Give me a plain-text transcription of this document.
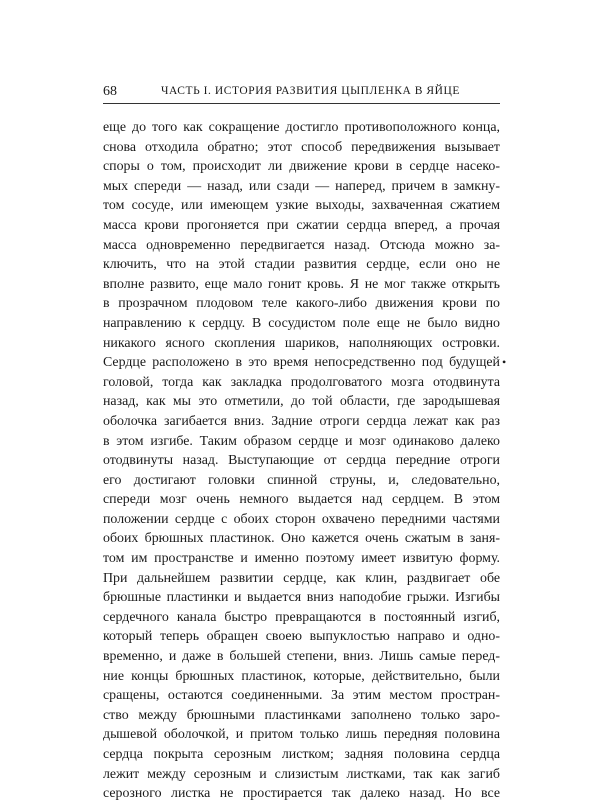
68	ЧАСТЬ I. ИСТОРИЯ РАЗВИТИЯ ЦЫПЛЕНКА В ЯЙЦЕ
еще до того как сокращение достигло противоположного конца,
снова отходила обратно; этот способ передвижения вызывает
споры о том, происходит ли движение крови в сердце насеко-
мых спереди — назад, или сзади — наперед, причем в замкну-
том сосуде, или имеющем узкие выходы, захваченная сжатием
масса крови прогоняется при сжатии сердца вперед, а прочая
масса одновременно передвигается назад. Отсюда можно за-
ключить, что на этой стадии развития сердце, если оно не
вполне развито, еще мало гонит кровь. Я не мог также открыть
в прозрачном плодовом теле какого-либо движения крови по
направлению к сердцу. В сосудистом поле еще не было видно
никакого ясного скопления шариков, наполняющих островки.
Сердце расположено в это время непосредственно под будущей
головой, тогда как закладка продолговатого мозга отодвинута
назад, как мы это отметили, до той области, где зародышевая
оболочка загибается вниз. Задние отроги сердца лежат как раз
в этом изгибе. Таким образом сердце и мозг одинаково далеко
отодвинуты назад. Выступающие от сердца передние отроги
его достигают головки спинной струны, и, следовательно,
спереди мозг очень немного выдается над сердцем. В этом
положении сердце с обоих сторон охвачено передними частями
обоих брюшных пластинок. Оно кажется очень сжатым в заня-
том им пространстве и именно поэтому имеет извитую форму.
При дальнейшем развитии сердце, как клин, раздвигает обе
брюшные пластинки и выдается вниз наподобие грыжи. Изгибы
сердечного канала быстро превращаются в постоянный изгиб,
который теперь обращен своею выпуклостью направо и одно-
временно, и даже в большей степени, вниз. Лишь самые перед-
ние концы брюшных пластинок, которые, действительно, были
сращены, остаются соединенными. За этим местом простран-
ство между брюшными пластинками заполнено только заро-
дышевой оболочкой, и притом только лишь передняя половина
сердца покрыта серозным листком; задняя половина сердца
лежит между серозным и слизистым листками, так как загиб
серозного листка не простирается так далеко назад. Но все
•
